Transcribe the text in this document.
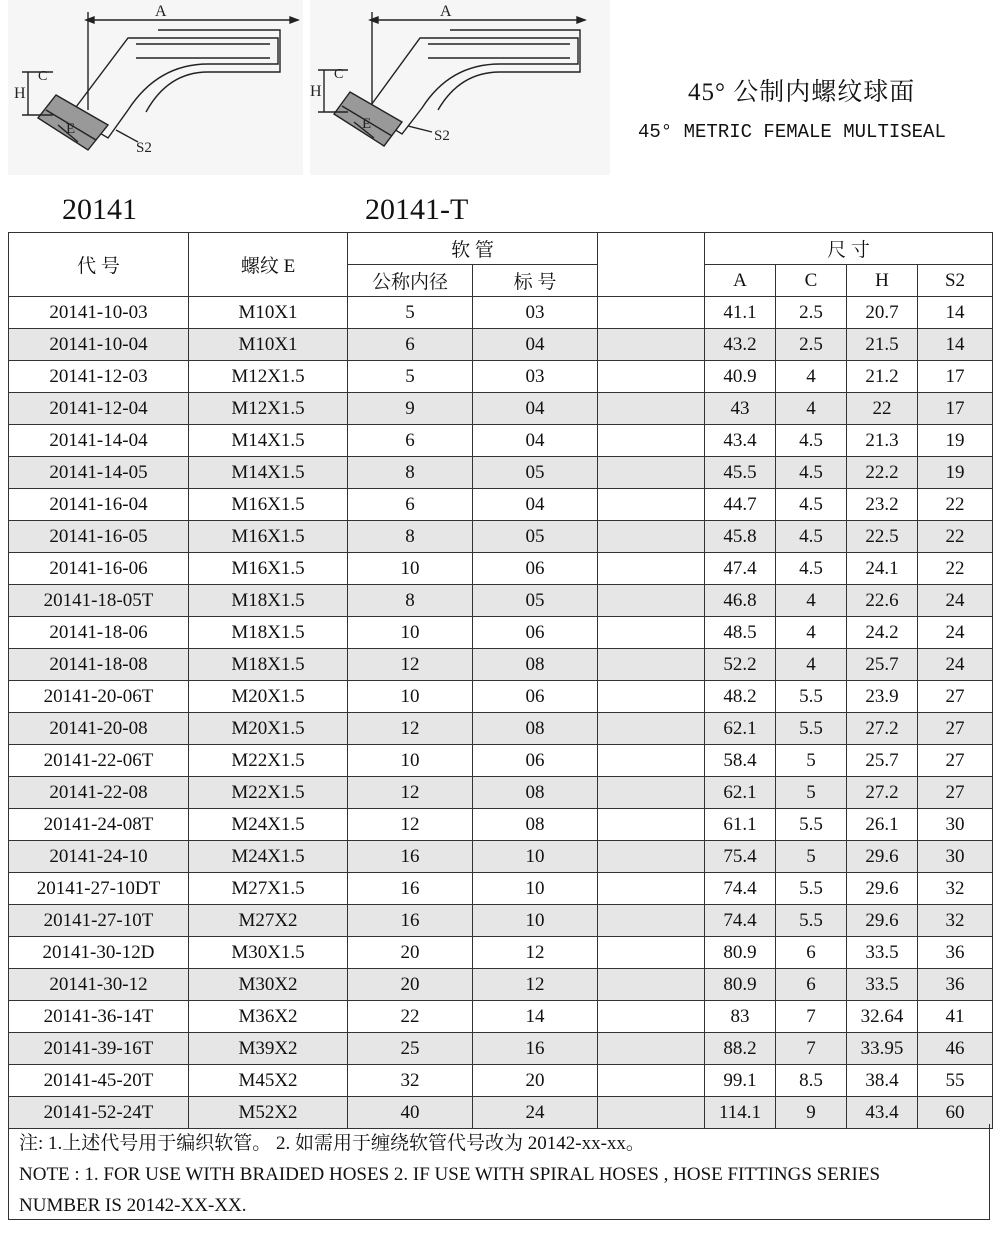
A
H
C
E
S2
A
H
C
E
S2
45° 公制内螺纹球面
45° METRIC FEMALE MULTISEAL
20141	20141-T
代 号	螺纹 E	软 管			尺 寸			
		公称内径	标 号		A	C	H	S2
20141-10-03	M10X1	5	03		41.1	2.5	20.7	14
20141-10-04	M10X1	6	04		43.2	2.5	21.5	14
20141-12-03	M12X1.5	5	03		40.9	4	21.2	17
20141-12-04	M12X1.5	9	04		43	4	22	17
20141-14-04	M14X1.5	6	04		43.4	4.5	21.3	19
20141-14-05	M14X1.5	8	05		45.5	4.5	22.2	19
20141-16-04	M16X1.5	6	04		44.7	4.5	23.2	22
20141-16-05	M16X1.5	8	05		45.8	4.5	22.5	22
20141-16-06	M16X1.5	10	06		47.4	4.5	24.1	22
20141-18-05T	M18X1.5	8	05		46.8	4	22.6	24
20141-18-06	M18X1.5	10	06		48.5	4	24.2	24
20141-18-08	M18X1.5	12	08		52.2	4	25.7	24
20141-20-06T	M20X1.5	10	06		48.2	5.5	23.9	27
20141-20-08	M20X1.5	12	08		62.1	5.5	27.2	27
20141-22-06T	M22X1.5	10	06		58.4	5	25.7	27
20141-22-08	M22X1.5	12	08		62.1	5	27.2	27
20141-24-08T	M24X1.5	12	08		61.1	5.5	26.1	30
20141-24-10	M24X1.5	16	10		75.4	5	29.6	30
20141-27-10DT	M27X1.5	16	10		74.4	5.5	29.6	32
20141-27-10T	M27X2	16	10		74.4	5.5	29.6	32
20141-30-12D	M30X1.5	20	12		80.9	6	33.5	36
20141-30-12	M30X2	20	12		80.9	6	33.5	36
20141-36-14T	M36X2	22	14		83	7	32.64	41
20141-39-16T	M39X2	25	16		88.2	7	33.95	46
20141-45-20T	M45X2	32	20		99.1	8.5	38.4	55
20141-52-24T	M52X2	40	24		114.1	9	43.4	60
注: 1.上述代号用于编织软管。 2. 如需用于缠绕软管代号改为 20142-xx-xx。
NOTE : 1. FOR USE WITH BRAIDED HOSES 2. IF USE WITH SPIRAL HOSES , HOSE FITTINGS SERIES
NUMBER IS 20142-XX-XX.
